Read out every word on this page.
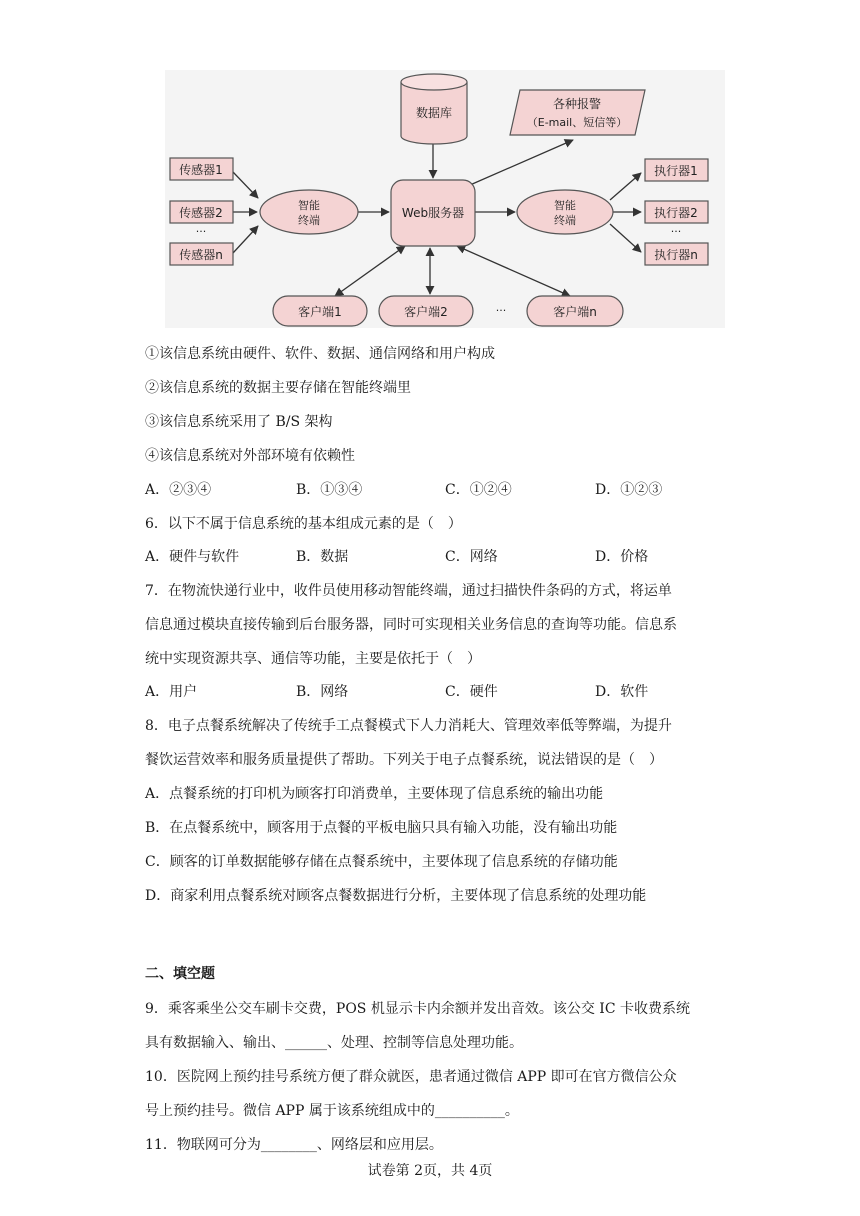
数据库
各种报警
（E-mail、短信等）
Web服务器
智能
终端
智能
终端
传感器1
传感器2
···
传感器n
执行器1
执行器2
···
执行器n
客户端1	客户端2	···	客户端n
①该信息系统由硬件、软件、数据、通信网络和用户构成
②该信息系统的数据主要存储在智能终端里
③该信息系统采用了 B/S 架构
④该信息系统对外部环境有依赖性
A．②③④	B．①③④	C．①②④	D．①②③
6．以下不属于信息系统的基本组成元素的是（　）
A．硬件与软件	B．数据	C．网络	D．价格
7．在物流快递行业中，收件员使用移动智能终端，通过扫描快件条码的方式，将运单
信息通过模块直接传输到后台服务器，同时可实现相关业务信息的查询等功能。信息系
统中实现资源共享、通信等功能，主要是依托于（　）
A．用户	B．网络	C．硬件	D．软件
8．电子点餐系统解决了传统手工点餐模式下人力消耗大、管理效率低等弊端，为提升
餐饮运营效率和服务质量提供了帮助。下列关于电子点餐系统，说法错误的是（　）
A．点餐系统的打印机为顾客打印消费单，主要体现了信息系统的输出功能
B．在点餐系统中，顾客用于点餐的平板电脑只具有输入功能，没有输出功能
C．顾客的订单数据能够存储在点餐系统中，主要体现了信息系统的存储功能
D．商家利用点餐系统对顾客点餐数据进行分析，主要体现了信息系统的处理功能
二、填空题
9．乘客乘坐公交车刷卡交费，POS 机显示卡内余额并发出音效。该公交 IC 卡收费系统
具有数据输入、输出、______、处理、控制等信息处理功能。
10．医院网上预约挂号系统方便了群众就医，患者通过微信 APP 即可在官方微信公众
号上预约挂号。微信 APP 属于该系统组成中的__________。
11．物联网可分为________、网络层和应用层。
试卷第 2页，共 4页
